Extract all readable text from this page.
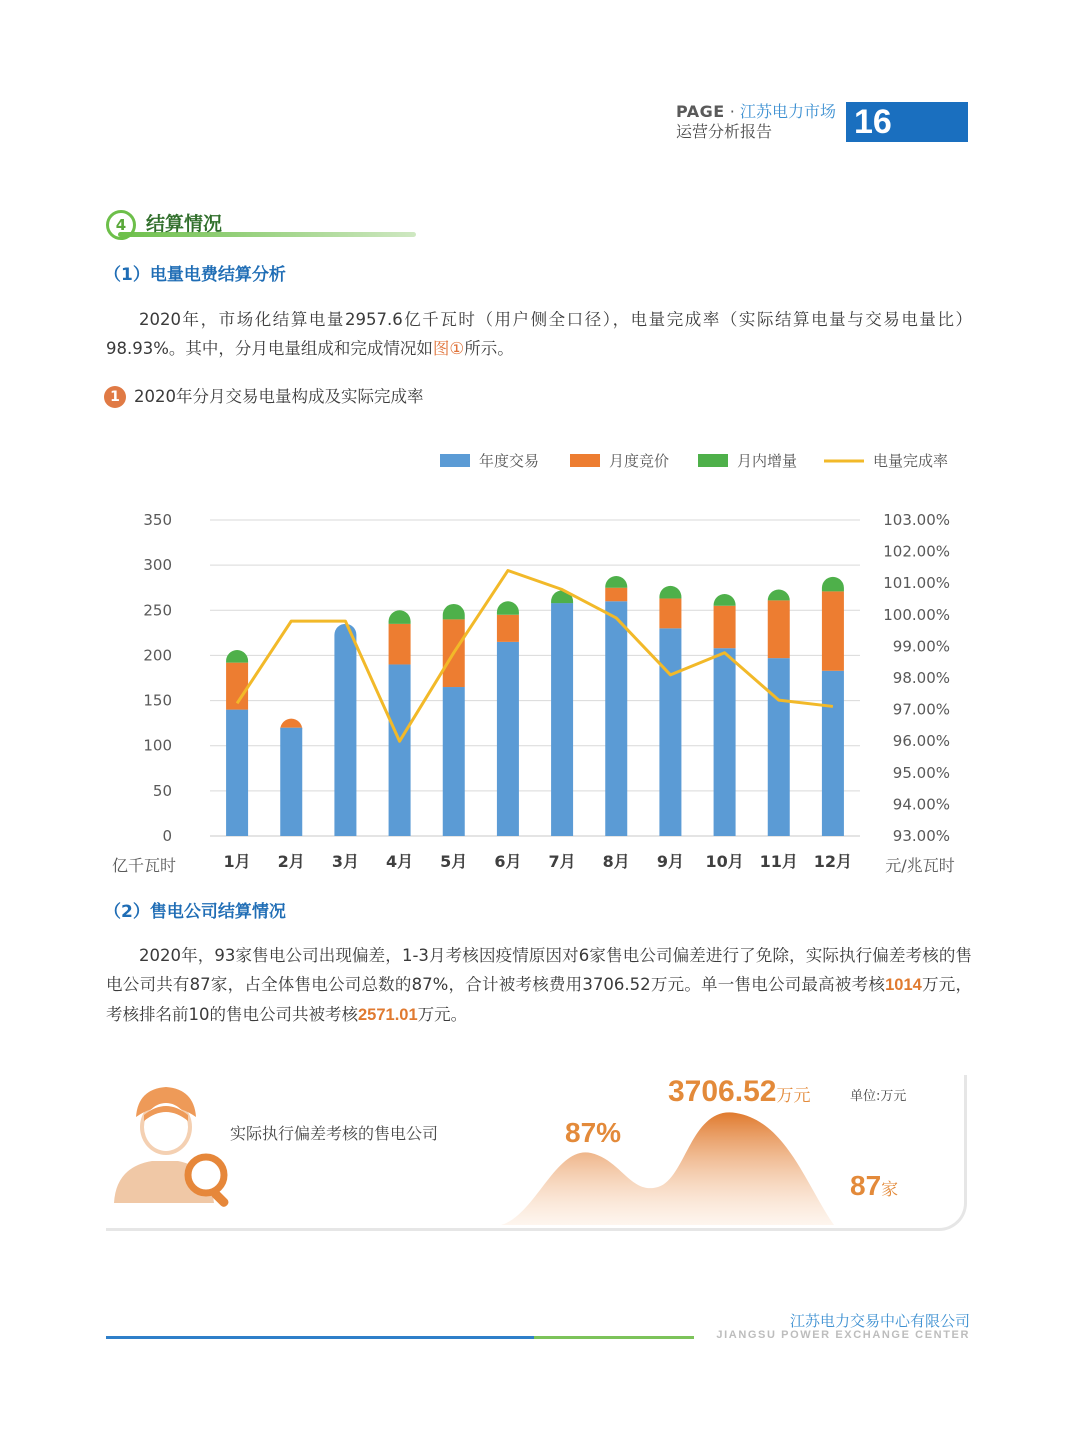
PAGE · 江苏电力市场
运营分析报告 16
4	结算情况
（1）电量电费结算分析
2020年，市场化结算电量2957.6亿千瓦时（用户侧全口径），电量完成率（实际结算电量与交易电量比）98.93%。其中，分月电量组成和完成情况如图①所示。
1 2020年分月交易电量构成及实际完成率
年度交易	月度竞价	月内增量	电量完成率
0
50
100
150
200
250
300
350
93.00%
94.00%
95.00%
96.00%
97.00%
98.00%
99.00%
100.00%
101.00%
102.00%
103.00%
亿千瓦时	元/兆瓦时
1月 2月 3月 4月 5月 6月 7月 8月 9月 10月 11月 12月
（2）售电公司结算情况
2020年，93家售电公司出现偏差，1-3月考核因疫情原因对6家售电公司偏差进行了免除，实际执行偏差考核的售电公司共有87家，占全体售电公司总数的87%，合计被考核费用3706.52万元。单一售电公司最高被考核1014万元，考核排名前10的售电公司共被考核2571.01万元。
实际执行偏差考核的售电公司	87%
3706.52万元	单位:万元
87家
江苏电力交易中心有限公司
JIANGSU POWER EXCHANGE CENTER
